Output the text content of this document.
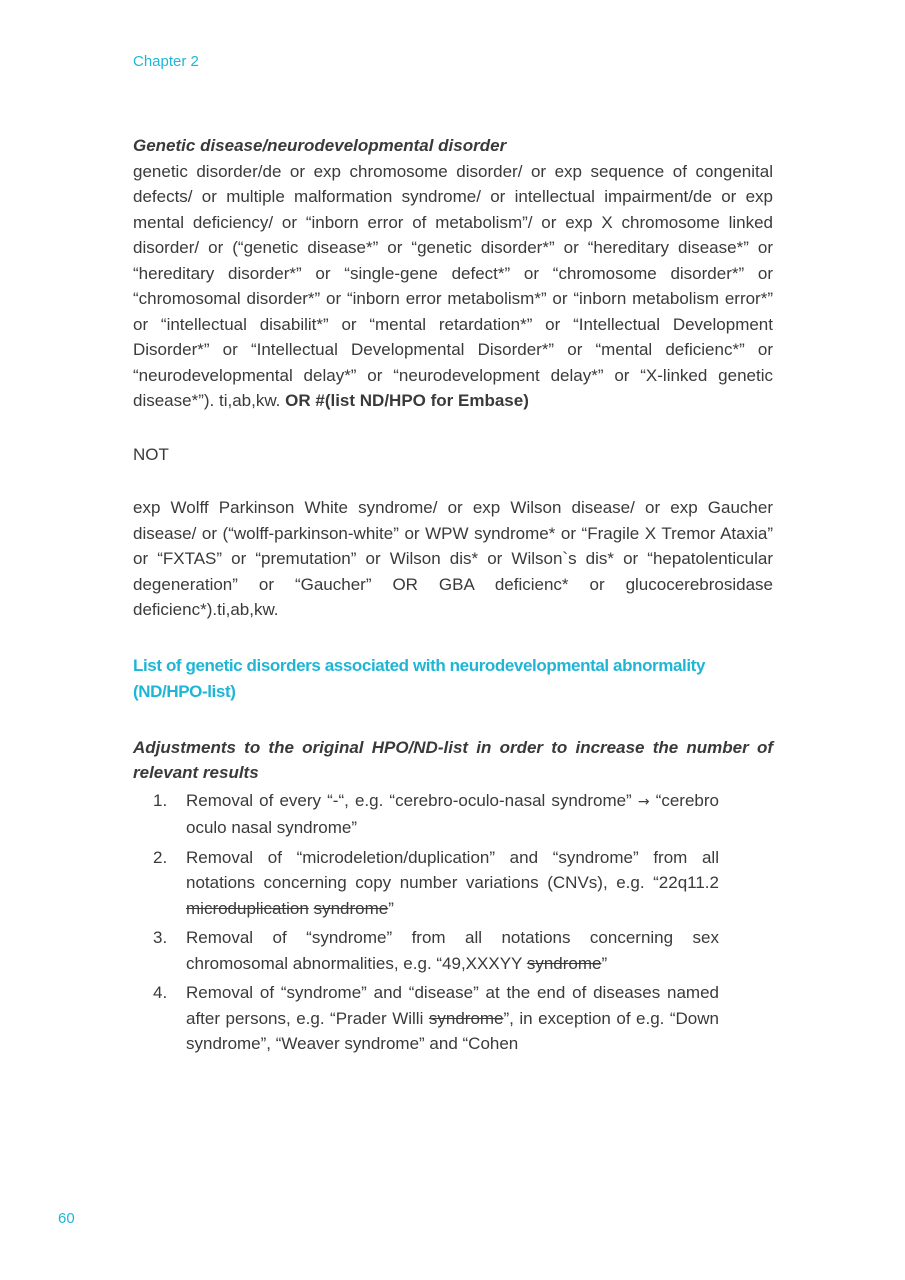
Chapter 2

Genetic disease/neurodevelopmental disorder

genetic disorder/de or exp chromosome disorder/ or exp sequence of congenital defects/ or multiple malformation syndrome/ or intellectual impairment/de or exp mental deficiency/ or “inborn error of metabolism”/ or exp X chromosome linked disorder/ or (“genetic disease*” or “genetic disorder*” or “hereditary disease*” or “hereditary disorder*” or “single-gene defect*” or “chromosome disorder*” or “chromosomal disorder*” or “inborn error metabolism*” or “inborn metabolism error*” or “intellectual disabilit*” or “mental retardation*” or “Intellectual Development Disorder*” or “Intellectual Developmental Disorder*” or “mental deficienc*” or “neurodevelopmental delay*” or “neurodevelopment delay*” or “X-linked genetic disease*”). ti,ab,kw. OR #(list ND/HPO for Embase)

NOT

exp Wolff Parkinson White syndrome/ or exp Wilson disease/ or exp Gaucher disease/ or (“wolff-parkinson-white” or WPW syndrome* or “Fragile X Tremor Ataxia” or “FXTAS” or “premutation” or Wilson dis* or Wilson`s dis* or “hepatolenticular degeneration” or “Gaucher” OR GBA deficienc* or glucocerebrosidase deficienc*).ti,ab,kw.

List of genetic disorders associated with neurodevelopmental abnormality (ND/HPO-list)

Adjustments to the original HPO/ND-list in order to increase the number of relevant results

1. Removal of every “-“, e.g. “cerebro-oculo-nasal syndrome” → “cerebro oculo nasal syndrome”
2. Removal of “microdeletion/duplication” and “syndrome” from all notations concerning copy number variations (CNVs), e.g. “22q11.2 microduplication syndrome”
3. Removal of “syndrome” from all notations concerning sex chromosomal abnormalities, e.g. “49,XXXYY syndrome”
4. Removal of “syndrome” and “disease” at the end of diseases named after persons, e.g. “Prader Willi syndrome”, in exception of e.g. “Down syndrome”, “Weaver syndrome” and “Cohen
60
